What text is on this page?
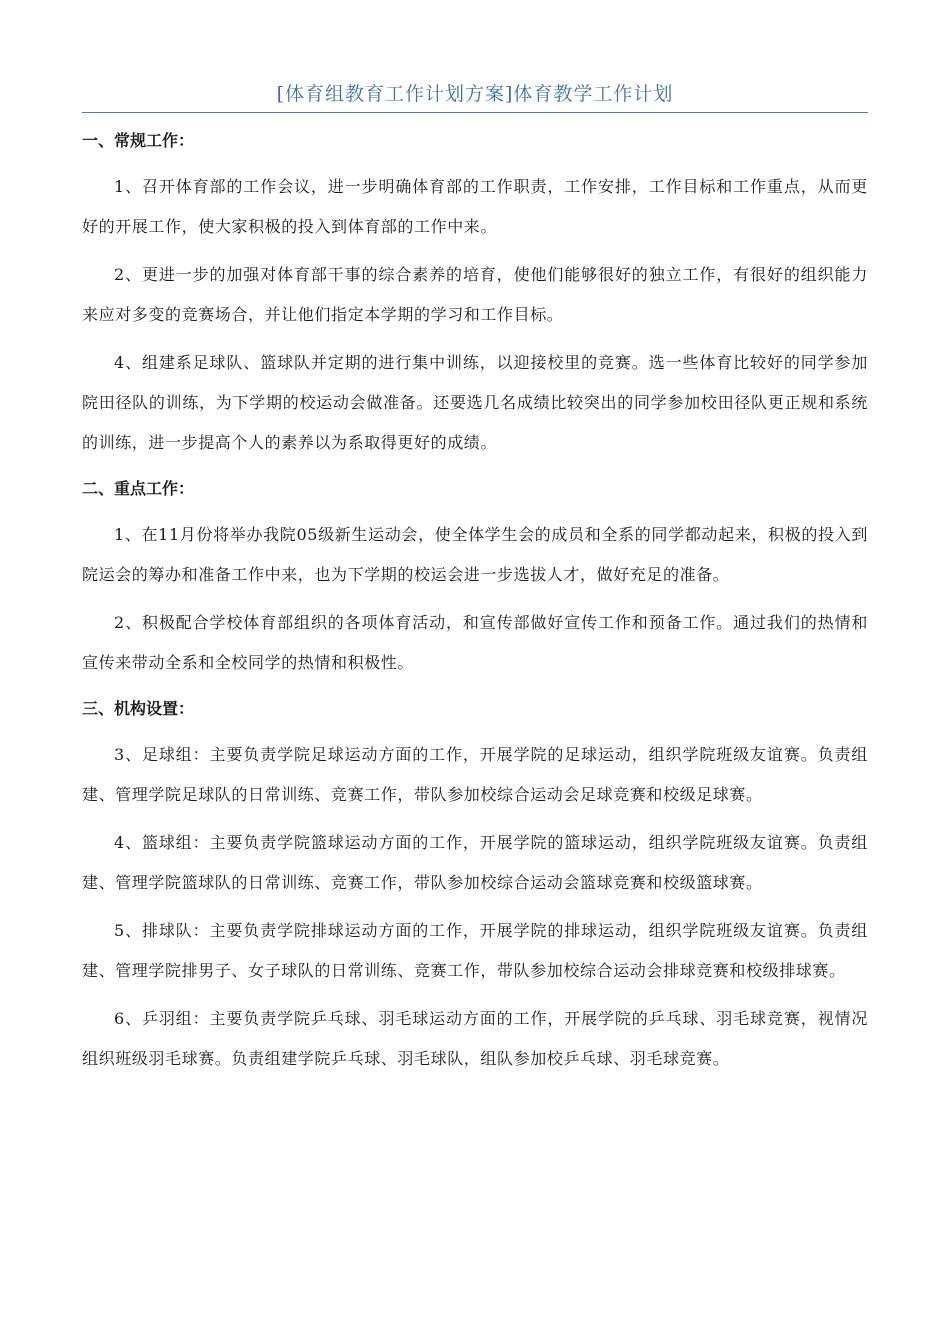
[体育组教育工作计划方案]体育教学工作计划
一、常规工作：

1、召开体育部的工作会议，进一步明确体育部的工作职责，工作安排，工作目标和工作重点，从而更好的开展工作，使大家积极的投入到体育部的工作中来。

2、更进一步的加强对体育部干事的综合素养的培育，使他们能够很好的独立工作，有很好的组织能力来应对多变的竞赛场合，并让他们指定本学期的学习和工作目标。

4、组建系足球队、篮球队并定期的进行集中训练，以迎接校里的竞赛。选一些体育比较好的同学参加院田径队的训练，为下学期的校运动会做准备。还要选几名成绩比较突出的同学参加校田径队更正规和系统的训练，进一步提高个人的素养以为系取得更好的成绩。

二、重点工作：

1、在11月份将举办我院05级新生运动会，使全体学生会的成员和全系的同学都动起来，积极的投入到院运会的筹办和准备工作中来，也为下学期的校运会进一步选拔人才，做好充足的准备。

2、积极配合学校体育部组织的各项体育活动，和宣传部做好宣传工作和预备工作。通过我们的热情和宣传来带动全系和全校同学的热情和积极性。

三、机构设置：

3、足球组：主要负责学院足球运动方面的工作，开展学院的足球运动，组织学院班级友谊赛。负责组建、管理学院足球队的日常训练、竞赛工作，带队参加校综合运动会足球竞赛和校级足球赛。

4、篮球组：主要负责学院篮球运动方面的工作，开展学院的篮球运动，组织学院班级友谊赛。负责组建、管理学院篮球队的日常训练、竞赛工作，带队参加校综合运动会篮球竞赛和校级篮球赛。

5、排球队：主要负责学院排球运动方面的工作，开展学院的排球运动，组织学院班级友谊赛。负责组建、管理学院排男子、女子球队的日常训练、竞赛工作，带队参加校综合运动会排球竞赛和校级排球赛。

6、乒羽组：主要负责学院乒乓球、羽毛球运动方面的工作，开展学院的乒乓球、羽毛球竞赛，视情况组织班级羽毛球赛。负责组建学院乒乓球、羽毛球队，组队参加校乒乓球、羽毛球竞赛。
